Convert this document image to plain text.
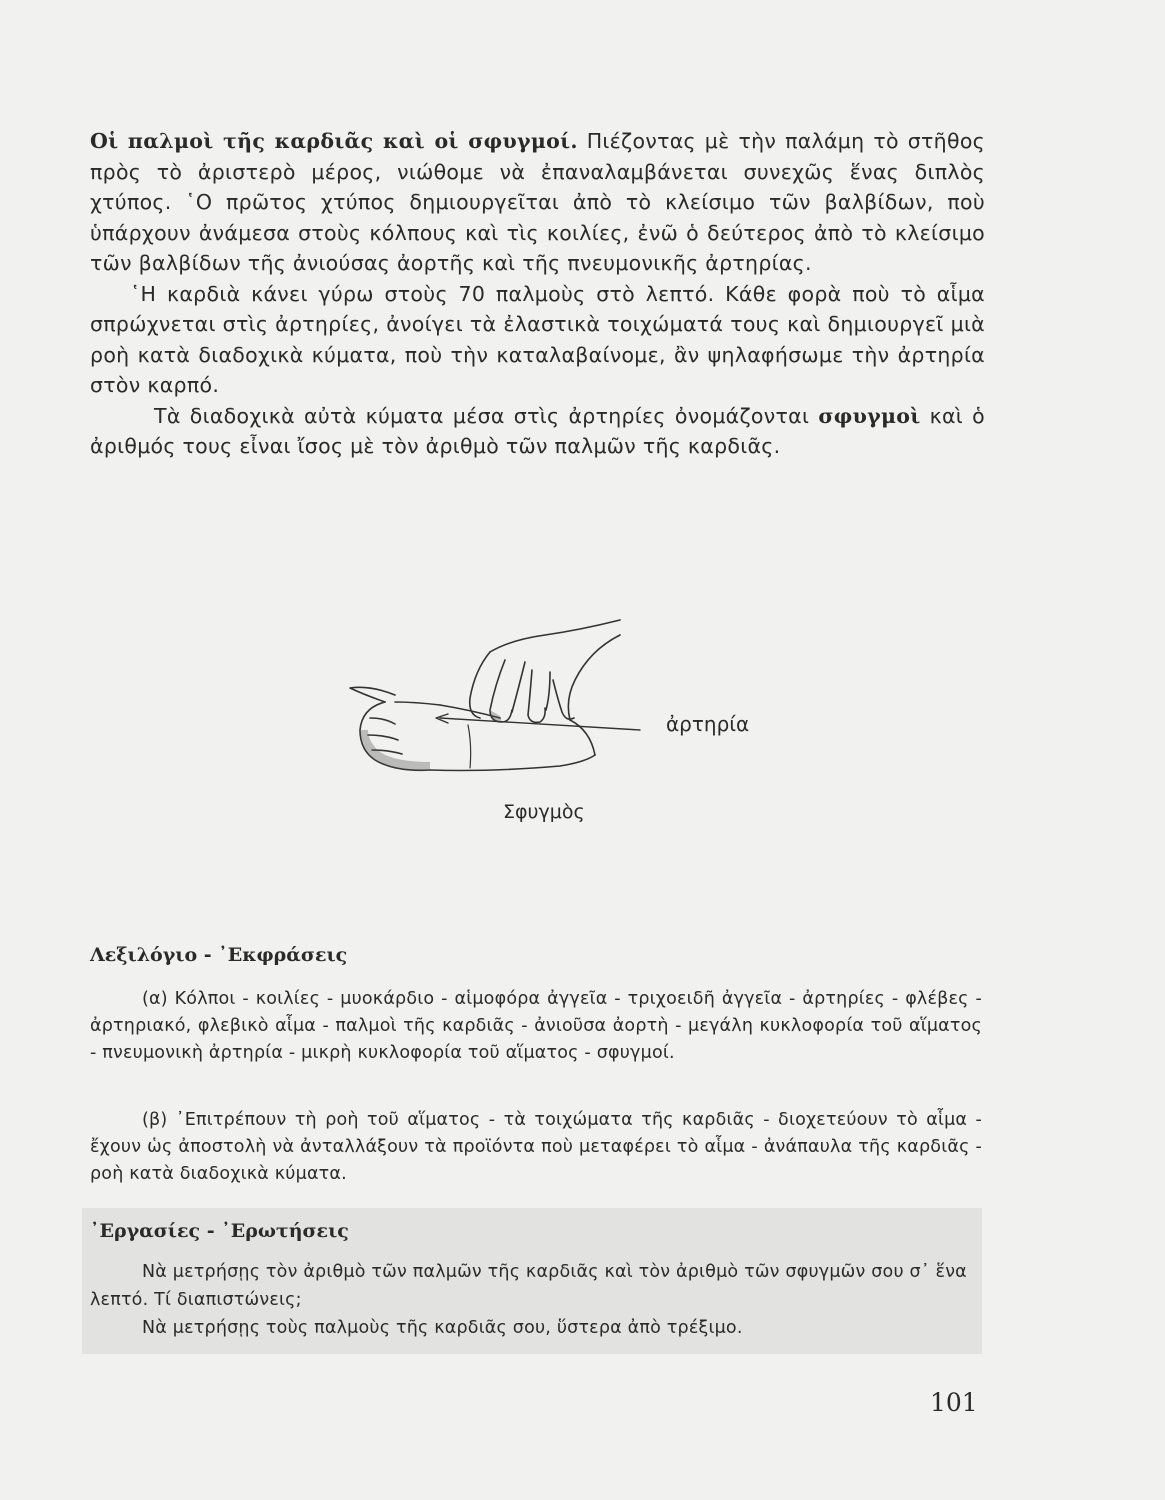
Οἱ παλμοὶ τῆς καρδιᾶς καὶ οἱ σφυγμοί. Πιέζοντας μὲ τὴν παλάμη τὸ στῆθος πρὸς τὸ ἀριστερὸ μέρος, νιώθομε νὰ ἐπαναλαμβάνεται συνεχῶς ἕνας διπλὸς χτύπος. ῾Ο πρῶτος χτύπος δημιουργεῖται ἀπὸ τὸ κλείσιμο τῶν βαλβίδων, ποὺ ὑπάρχουν ἀνάμεσα στοὺς κόλπους καὶ τὶς κοιλίες, ἐνῶ ὁ δεύτερος ἀπὸ τὸ κλείσιμο τῶν βαλβίδων τῆς ἀνιούσας ἀορτῆς καὶ τῆς πνευμονικῆς ἀρτηρίας.

῾Η καρδιὰ κάνει γύρω στοὺς 70 παλμοὺς στὸ λεπτό. Κάθε φορὰ ποὺ τὸ αἷμα σπρώχνεται στὶς ἀρτηρίες, ἀνοίγει τὰ ἐλαστικὰ τοιχώματά τους καὶ δημιουργεῖ μιὰ ροὴ κατὰ διαδοχικὰ κύματα, ποὺ τὴν καταλαβαίνομε, ἂν ψηλαφήσωμε τὴν ἀρτηρία στὸν καρπό.

Τὰ διαδοχικὰ αὐτὰ κύματα μέσα στὶς ἀρτηρίες ὀνομάζονται σφυγμοὶ καὶ ὁ ἀριθμός τους εἶναι ἴσος μὲ τὸν ἀριθμὸ τῶν παλμῶν τῆς καρδιᾶς.

ἀρτηρία
Σφυγμὸς
Λεξιλόγιο - ᾿Εκφράσεις
(α) Κόλποι - κοιλίες - μυοκάρδιο - αἱμοφόρα ἀγγεῖα - τριχοειδῆ ἀγγεῖα - ἀρτηρίες - φλέβες - ἀρτηριακό, φλεβικὸ αἷμα - παλμοὶ τῆς καρδιᾶς - ἀνιοῦσα ἀορτὴ - μεγάλη κυκλοφορία τοῦ αἵματος - πνευμονικὴ ἀρτηρία - μικρὴ κυκλοφορία τοῦ αἵματος - σφυγμοί.
(β) ᾿Επιτρέπουν τὴ ροὴ τοῦ αἵματος - τὰ τοιχώματα τῆς καρδιᾶς - διοχετεύουν τὸ αἷμα - ἔχουν ὡς ἀποστολὴ νὰ ἀνταλλάξουν τὰ προϊόντα ποὺ μεταφέρει τὸ αἷμα - ἀνάπαυλα τῆς καρδιᾶς - ροὴ κατὰ διαδοχικὰ κύματα.
᾿Εργασίες - ᾿Ερωτήσεις
Νὰ μετρήσῃς τὸν ἀριθμὸ τῶν παλμῶν τῆς καρδιᾶς καὶ τὸν ἀριθμὸ τῶν σφυγμῶν σου σ᾿ ἕνα λεπτό. Τί διαπιστώνεις;
Νὰ μετρήσῃς τοὺς παλμοὺς τῆς καρδιᾶς σου, ὕστερα ἀπὸ τρέξιμο.
101
